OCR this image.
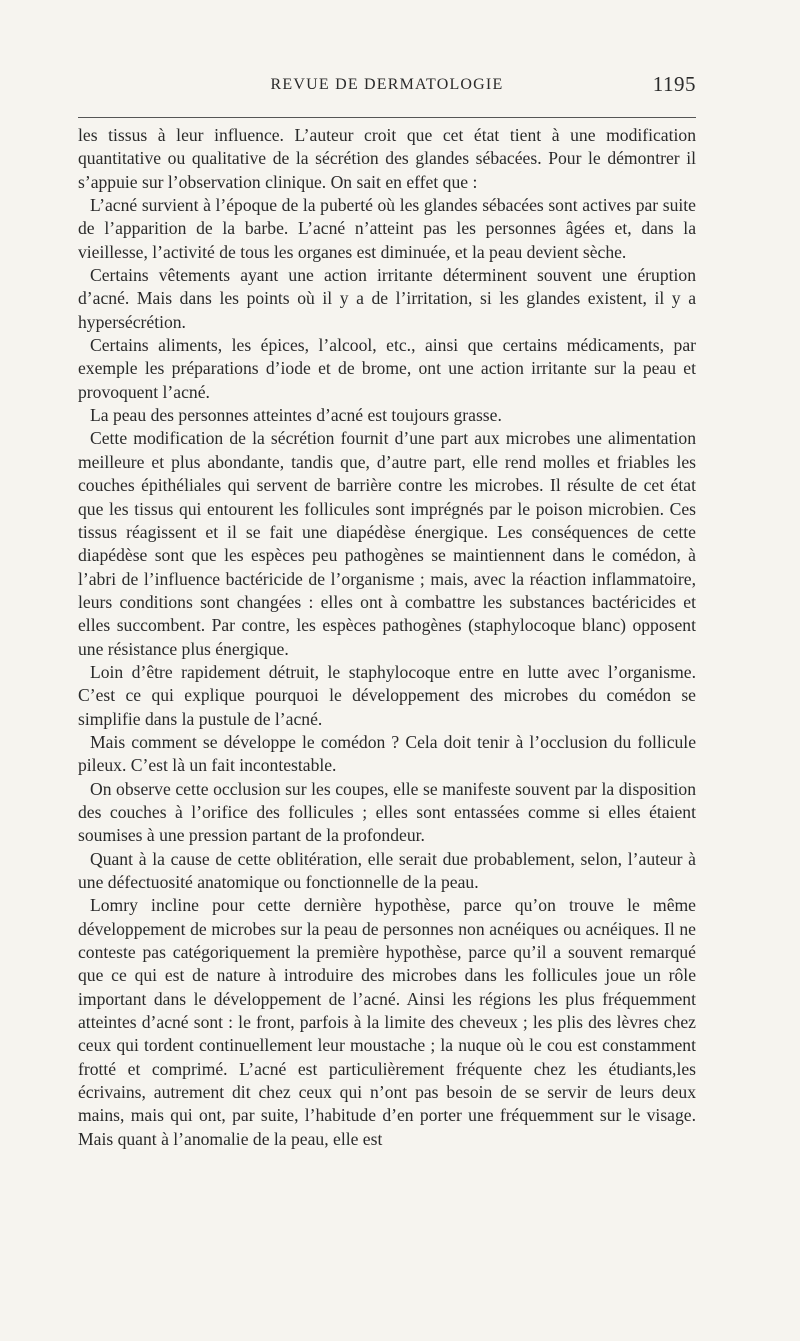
REVUE DE DERMATOLOGIE	1195

les tissus à leur influence. L’auteur croit que cet état tient à une modification quantitative ou qualitative de la sécrétion des glandes sébacées. Pour le démontrer il s’appuie sur l’observation clinique. On sait en effet que :

L’acné survient à l’époque de la puberté où les glandes sébacées sont actives par suite de l’apparition de la barbe. L’acné n’atteint pas les personnes âgées et, dans la vieillesse, l’activité de tous les organes est diminuée, et la peau devient sèche.

Certains vêtements ayant une action irritante déterminent souvent une éruption d’acné. Mais dans les points où il y a de l’irritation, si les glandes existent, il y a hypersécrétion.

Certains aliments, les épices, l’alcool, etc., ainsi que certains médicaments, par exemple les préparations d’iode et de brome, ont une action irritante sur la peau et provoquent l’acné.

La peau des personnes atteintes d’acné est toujours grasse.

Cette modification de la sécrétion fournit d’une part aux microbes une alimentation meilleure et plus abondante, tandis que, d’autre part, elle rend molles et friables les couches épithéliales qui servent de barrière contre les microbes. Il résulte de cet état que les tissus qui entourent les follicules sont imprégnés par le poison microbien. Ces tissus réagissent et il se fait une diapédèse énergique. Les conséquences de cette diapédèse sont que les espèces peu pathogènes se maintiennent dans le comédon, à l’abri de l’influence bactéricide de l’organisme ; mais, avec la réaction inflammatoire, leurs conditions sont changées : elles ont à combattre les substances bactéricides et elles succombent. Par contre, les espèces pathogènes (staphylocoque blanc) opposent une résistance plus énergique.

Loin d’être rapidement détruit, le staphylocoque entre en lutte avec l’organisme. C’est ce qui explique pourquoi le développement des microbes du comédon se simplifie dans la pustule de l’acné.

Mais comment se développe le comédon ? Cela doit tenir à l’occlusion du follicule pileux. C’est là un fait incontestable.

On observe cette occlusion sur les coupes, elle se manifeste souvent par la disposition des couches à l’orifice des follicules ; elles sont entassées comme si elles étaient soumises à une pression partant de la profondeur.

Quant à la cause de cette oblitération, elle serait due probablement, selon, l’auteur à une défectuosité anatomique ou fonctionnelle de la peau.

Lomry incline pour cette dernière hypothèse, parce qu’on trouve le même développement de microbes sur la peau de personnes non acnéiques ou acnéiques. Il ne conteste pas catégoriquement la première hypothèse, parce qu’il a souvent remarqué que ce qui est de nature à introduire des microbes dans les follicules joue un rôle important dans le développement de l’acné. Ainsi les régions les plus fréquemment atteintes d’acné sont : le front, parfois à la limite des cheveux ; les plis des lèvres chez ceux qui tordent continuellement leur moustache ; la nuque où le cou est constamment frotté et comprimé. L’acné est particulièrement fréquente chez les étudiants,les écrivains, autrement dit chez ceux qui n’ont pas besoin de se servir de leurs deux mains, mais qui ont, par suite, l’habitude d’en porter une fréquemment sur le visage. Mais quant à l’anomalie de la peau, elle est
